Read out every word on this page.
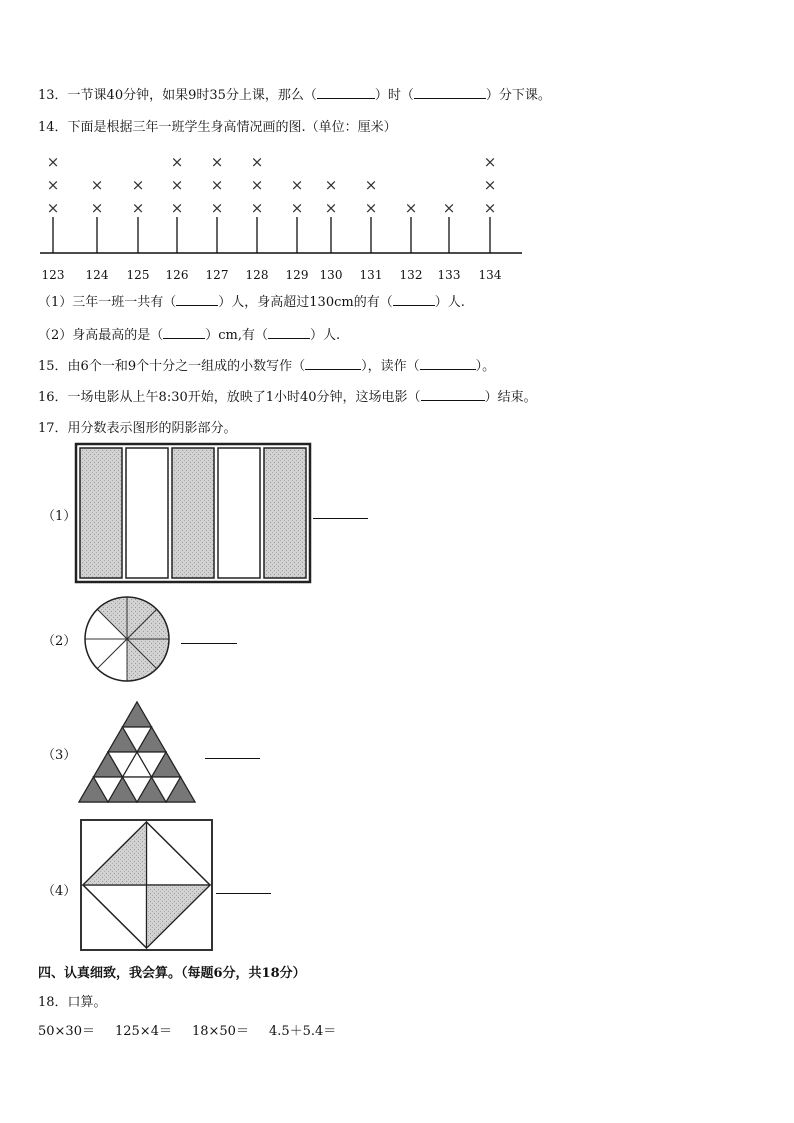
13．一节课40分钟，如果9时35分上课，那么（	）时（	）分下课。
14．下面是根据三年一班学生身高情况画的图.（单位：厘米）
×
×
×
123
×
×
124
×
×
125
×
×
×
126
×
×
×
127
×
×
×
128
×
×
129
×
×
130
×
×
131
×
132
×
133
×
×
×
134
（1）三年一班一共有（	）人，身高超过130cm的有（	）人.
（2）身高最高的是（	）cm,有（	）人.
15．由6个一和9个十分之一组成的小数写作（	），读作（	）。
16．一场电影从上午8:30开始，放映了1小时40分钟，这场电影（	）结束。
17．用分数表示图形的阴影部分。
（1）
（2）
（3）
（4）
四、认真细致，我会算。（每题6分，共18分）
18．口算。
50×30＝ 125×4＝ 18×50＝ 4.5＋5.4＝
